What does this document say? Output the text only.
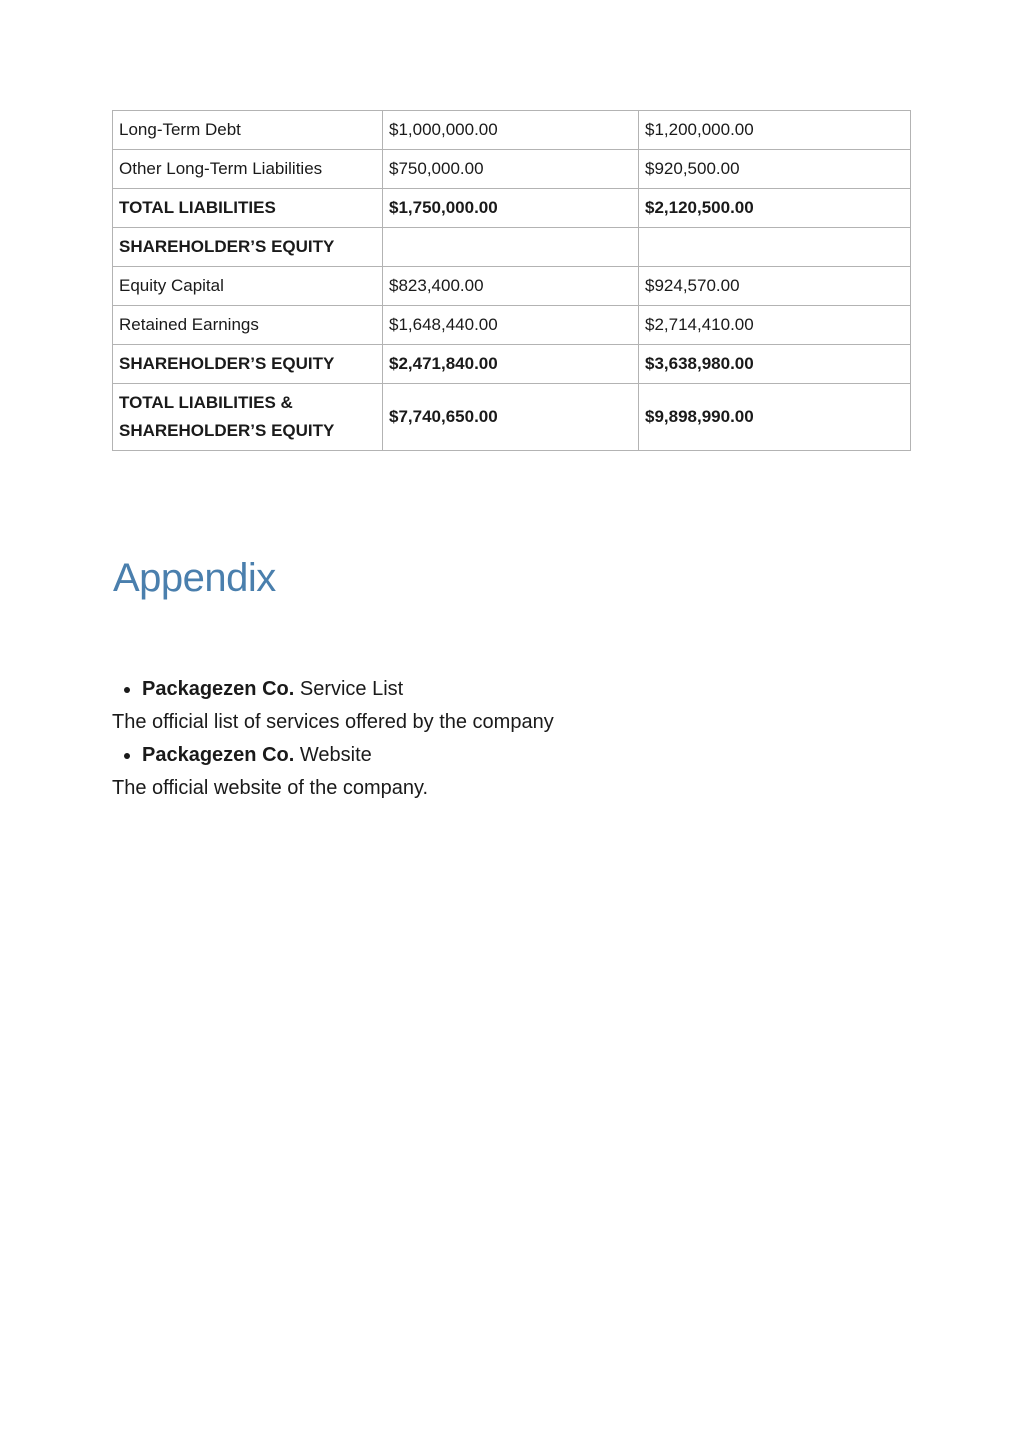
Long-Term Debt	$1,000,000.00	$1,200,000.00
Other Long-Term Liabilities	$750,000.00	$920,500.00
TOTAL LIABILITIES	$1,750,000.00	$2,120,500.00
SHAREHOLDER’S EQUITY		
Equity Capital	$823,400.00	$924,570.00
Retained Earnings	$1,648,440.00	$2,714,410.00
SHAREHOLDER’S EQUITY	$2,471,840.00	$3,638,980.00

TOTAL LIABILITIES &
SHAREHOLDER’S EQUITY	$7,740,650.00	$9,898,990.00
Appendix
Packagezen Co. Service List
The official list of services offered by the company
Packagezen Co. Website
The official website of the company.
